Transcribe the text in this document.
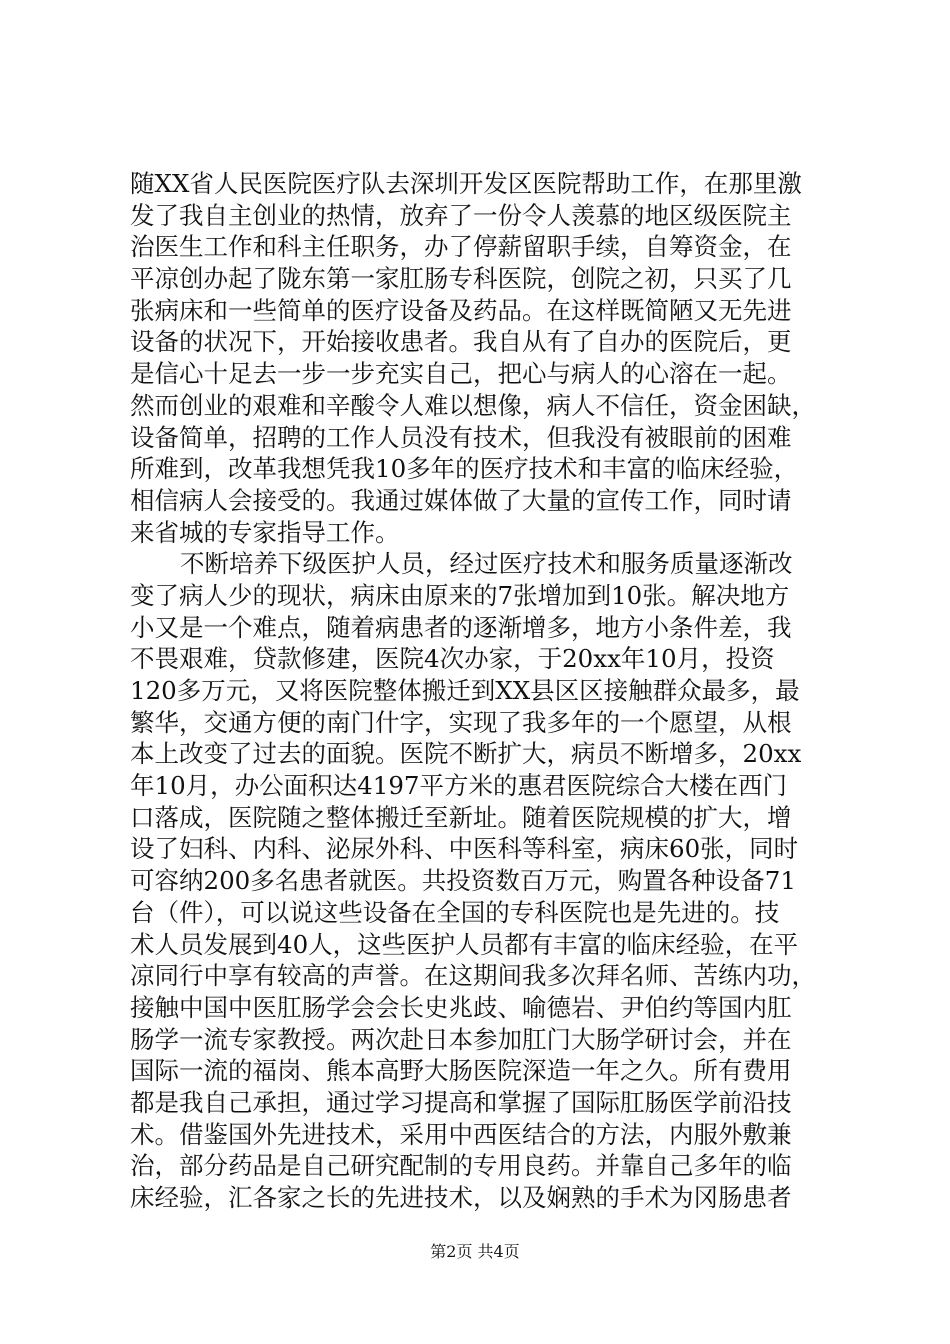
随XX省人民医院医疗队去深圳开发区医院帮助工作，在那里激
发了我自主创业的热情，放弃了一份令人羡慕的地区级医院主
治医生工作和科主任职务，办了停薪留职手续，自筹资金，在
平凉创办起了陇东第一家肛肠专科医院，创院之初，只买了几
张病床和一些简单的医疗设备及药品。在这样既简陋又无先进
设备的状况下，开始接收患者。我自从有了自办的医院后，更
是信心十足去一步一步充实自己，把心与病人的心溶在一起。
然而创业的艰难和辛酸令人难以想像，病人不信任，资金困缺，
设备简单，招聘的工作人员没有技术，但我没有被眼前的困难
所难到，改革我想凭我10多年的医疗技术和丰富的临床经验，
相信病人会接受的。我通过媒体做了大量的宣传工作，同时请
来省城的专家指导工作。
不断培养下级医护人员，经过医疗技术和服务质量逐渐改
变了病人少的现状，病床由原来的7张增加到10张。解决地方
小又是一个难点，随着病患者的逐渐增多，地方小条件差，我
不畏艰难，贷款修建，医院4次办家，于20xx年10月，投资
120多万元，又将医院整体搬迁到XX县区区接触群众最多，最
繁华，交通方便的南门什字，实现了我多年的一个愿望，从根
本上改变了过去的面貌。医院不断扩大，病员不断增多，20xx
年10月，办公面积达4197平方米的惠君医院综合大楼在西门
口落成，医院随之整体搬迁至新址。随着医院规模的扩大，增
设了妇科、内科、泌尿外科、中医科等科室，病床60张，同时
可容纳200多名患者就医。共投资数百万元，购置各种设备71
台（件），可以说这些设备在全国的专科医院也是先进的。技
术人员发展到40人，这些医护人员都有丰富的临床经验，在平
凉同行中享有较高的声誉。在这期间我多次拜名师、苦练内功，
接触中国中医肛肠学会会长史兆歧、喻德岩、尹伯约等国内肛
肠学一流专家教授。两次赴日本参加肛门大肠学研讨会，并在
国际一流的福岗、熊本高野大肠医院深造一年之久。所有费用
都是我自己承担，通过学习提高和掌握了国际肛肠医学前沿技
术。借鉴国外先进技术，采用中西医结合的方法，内服外敷兼
治，部分药品是自己研究配制的专用良药。并靠自己多年的临
床经验，汇各家之长的先进技术，以及娴熟的手术为冈肠患者
第2页 共4页
